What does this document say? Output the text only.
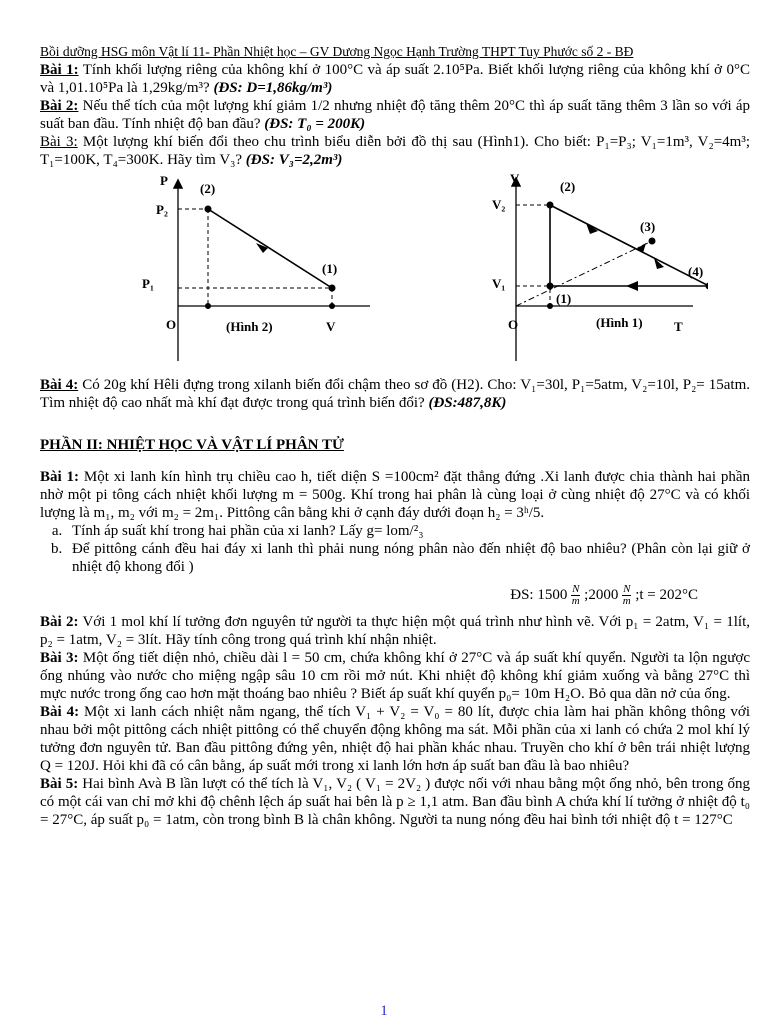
Bồi dưỡng HSG môn Vật lí 11- Phần Nhiệt học – GV Dương Ngọc Hạnh Trường THPT Tuy Phước số 2 - BĐ

Bài 1: Tính khối lượng riêng của không khí ở 100°C và áp suất 2.10⁵Pa. Biết khối lượng riêng của không khí ở 0°C và 1,01.10⁵Pa là 1,29kg/m³? (ĐS: D=1,86kg/m³)

Bài 2: Nếu thể tích của một lượng khí giảm 1/2 nhưng nhiệt độ tăng thêm 20°C thì áp suất tăng thêm 3 lần so với áp suất ban đầu. Tính nhiệt độ ban đầu? (ĐS: T₀ = 200K)

Bài 3: Một lượng khí biến đổi theo chu trình biểu diễn bởi đồ thị sau (Hình1). Cho biết: P₁=P₃; V₁=1m³, V₂=4m³; T₁=100K, T₄=300K. Hãy tìm V₃? (ĐS: V₃=2,2m³)

P
P₂
(2)
P₁
(1)
O	(Hình 2)	V
V
V₂
(2)
(3)
(4)
V₁
(1)
O	(Hình 1) T

Bài 4: Có 20g khí Hêli đựng trong xilanh biến đổi chậm theo sơ đồ (H2). Cho: V₁=30l, P₁=5atm, V₂=10l, P₂= 15atm. Tìm nhiệt độ cao nhất mà khí đạt được trong quá trình biến đổi? (ĐS:487,8K)

PHẦN II: NHIỆT HỌC VÀ VẬT LÍ PHÂN TỬ

Bài 1: Một xi lanh kín hình trụ chiều cao h, tiết diện S =100cm² đặt thẳng đứng .Xi lanh được chia thành hai phần nhờ một pi tông cách nhiệt khối lượng m = 500g. Khí trong hai phân là cùng loại ở cùng nhiệt độ 27°C và có khối lượng là m₁, m₂ với m₂ = 2m₁. Pittông cân bằng khi ở cạnh đáy dưới đoạn h₂ = 3ʰ/5.

a. Tính áp suất khí trong hai phần của xi lanh? Lấy g= lom/²₃
b. Để pittông cánh đều hai đáy xi lanh thì phải nung nóng phân nào đến nhiệt độ bao nhiêu? (Phân còn lại giữ ở nhiệt độ khong đổi )
ĐS: $1500 \frac{N}{m}$ ;2000 $\frac{N}{m}$ ;t = 202°C

Bài 2: Với 1 mol khí lí tưởng đơn nguyên tử người ta thực hiện một quá trình như hình vẽ. Với p₁ = 2atm, V₁ = 1lít, p₂ = 1atm, V₂ = 3lít. Hãy tính công trong quá trình khí nhận nhiệt.

Bài 3: Một ống tiết diện nhỏ, chiều dài l = 50 cm, chứa không khí ở 27°C và áp suất khí quyển. Người ta lộn ngược ống nhúng vào nước cho miệng ngập sâu 10 cm rồi mở nút. Khi nhiệt độ không khí giảm xuống và bằng 27°C thì mực nước trong ống cao hơn mặt thoáng bao nhiêu ? Biết áp suất khí quyển p₀= 10m H₂O. Bỏ qua dãn nở của ống.

Bài 4: Một xi lanh cách nhiệt nằm ngang, thể tích V₁ + V₂ = V₀ = 80 lít, được chia làm hai phần không thông với nhau bởi một pittông cách nhiệt pittông có thể chuyển động không ma sát. Mỗi phần của xi lanh có chứa 2 mol khí lý tưởng đơn nguyên tử. Ban đầu pittông đứng yên, nhiệt độ hai phần khác nhau. Truyền cho khí ở bên trái nhiệt lượng Q = 120J. Hỏi khi đã có cân bằng, áp suất mới trong xi lanh lớn hơn áp suất ban đầu là bao nhiêu?

Bài 5: Hai bình Avà B lần lượt có thể tích là V₁, V₂ ( V₁ = 2V₂ ) được nối với nhau bằng một ống nhỏ, bên trong ống có một cái van chỉ mở khi độ chênh lệch áp suất hai bên là p ≥ 1,1 atm. Ban đầu bình A chứa khí lí tưởng ở nhiệt độ t₀ = 27°C, áp suất p₀ = 1atm, còn trong bình B là chân không. Người ta nung nóng đều hai bình tới nhiệt độ t = 127°C

1
